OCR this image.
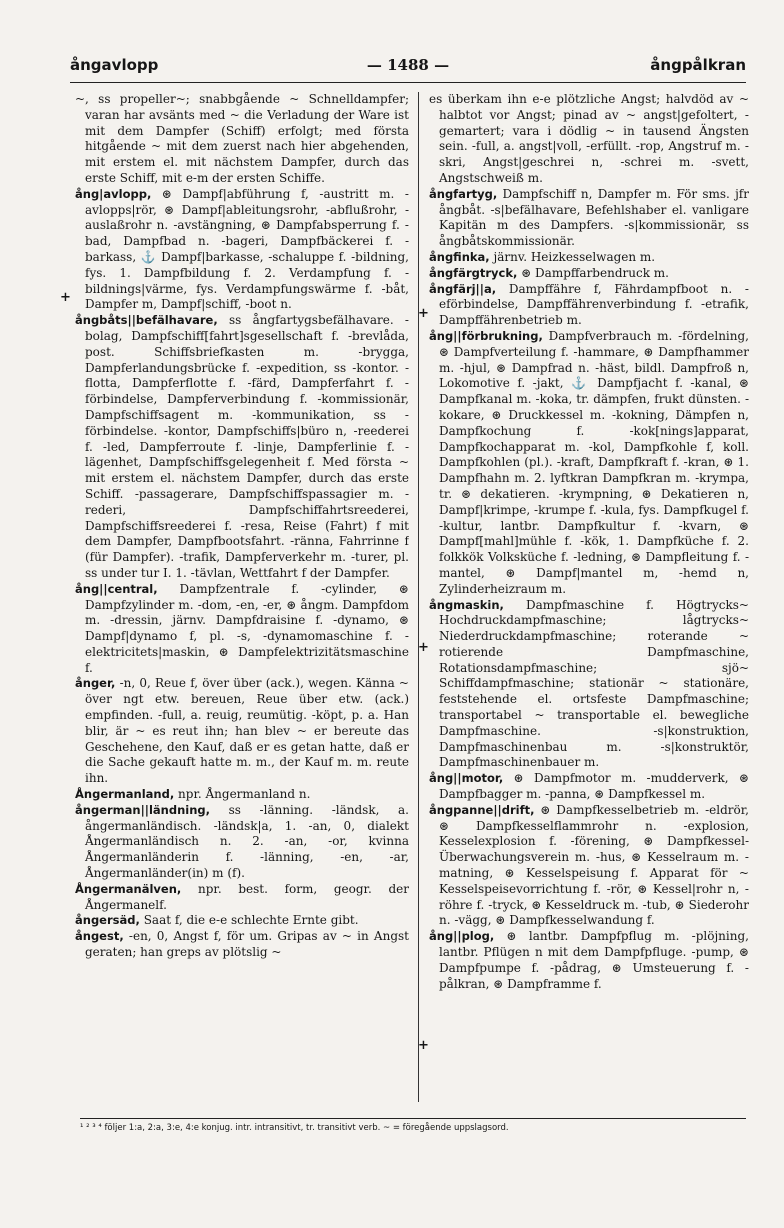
ångavlopp	— 1488 —	ångpålkran
~, ss propeller~; snabbgående ~ Schnelldampfer; varan har avsänts med ~ die Verladung der Ware ist mit dem Dampfer (Schiff) erfolgt; med första hitgående ~ mit dem zuerst nach hier abgehenden, mit erstem el. mit nächstem Dampfer, durch das erste Schiff, mit e-m der ersten Schiffe.
ång|avlopp, ⊛ Dampf|abführung f, -austritt m. -avlopps|rör, ⊛ Dampf|ableitungsrohr, -abflußrohr, -auslaßrohr n. -avstängning, ⊛ Dampfabsperrung f. -bad, Dampfbad n. -bageri, Dampfbäckerei f. -barkass, ⚓ Dampf|barkasse, -schaluppe f. -bildning, fys. 1. Dampfbildung f. 2. Verdampfung f. -bildnings|värme, fys. Verdampfungswärme f. -båt, Dampfer m, Dampf|schiff, -boot n.
ångbåts||befälhavare, ss ångfartygsbefälhavare. -bolag, Dampfschiff[fahrt]sgesellschaft f. -brevlåda, post. Schiffsbriefkasten m. -brygga, Dampferlandungsbrücke f. -expedition, ss -kontor. -flotta, Dampferflotte f. -färd, Dampferfahrt f. -förbindelse, Dampferverbindung f. -kommissionär, Dampfschiffsagent m. -kommunikation, ss -förbindelse. -kontor, Dampfschiffs|büro n, -reederei f. -led, Dampferroute f. -linje, Dampferlinie f. -lägenhet, Dampfschiffsgelegenheit f. Med första ~ mit erstem el. nächstem Dampfer, durch das erste Schiff. -passagerare, Dampfschiffspassagier m. -rederi, Dampfschiffahrtsreederei, Dampfschiffsreederei f. -resa, Reise (Fahrt) f mit dem Dampfer, Dampfbootsfahrt. -ränna, Fahrrinne f (für Dampfer). -trafik, Dampferverkehr m. -turer, pl. ss under tur I. 1. -tävlan, Wettfahrt f der Dampfer.
ång||central, Dampfzentrale f. -cylinder, ⊛ Dampfzylinder m. -dom, -en, -er, ⊛ ångm. Dampfdom m. -dressin, järnv. Dampfdraisine f. -dynamo, ⊛ Dampf|dynamo f, pl. -s, -dynamomaschine f. -elektricitets|maskin, ⊛ Dampfelektrizitätsmaschine f.
ånger, -n, 0, Reue f, över über (ack.), wegen. Känna ~ över ngt etw. bereuen, Reue über etw. (ack.) empfinden. -full, a. reuig, reumütig. -köpt, p. a. Han blir, är ~ es reut ihn; han blev ~ er bereute das Geschehene, den Kauf, daß er es getan hatte, daß er die Sache gekauft hatte m. m., der Kauf m. m. reute ihn.
Ångermanland, npr. Ångermanland n.
ångerman||ländning, ss -länning. -ländsk, a. ångermanländisch. -ländsk|a, 1. -an, 0, dialekt Ångermanländisch n. 2. -an, -or, kvinna Ångermanländerin f. -länning, -en, -ar, Ångermanländer(in) m (f).
Ångermanälven, npr. best. form, geogr. der Ångermanelf.
ångersäd, Saat f, die e-e schlechte Ernte gibt.
ångest, -en, 0, Angst f, för um. Gripas av ~ in Angst geraten; han greps av plötslig ~
es überkam ihn e-e plötzliche Angst; halvdöd av ~ halbtot vor Angst; pinad av ~ angst|gefoltert, -gemartert; vara i dödlig ~ in tausend Ängsten sein. -full, a. angst|voll, -erfüllt. -rop, Angstruf m. -skri, Angst|geschrei n, -schrei m. -svett, Angstschweiß m.
ångfartyg, Dampfschiff n, Dampfer m. För sms. jfr ångbåt. -s|befälhavare, Befehlshaber el. vanligare Kapitän m des Dampfers. -s|kommissionär, ss ångbåtskommissionär.
ångfinka, järnv. Heizkesselwagen m.
ångfärgtryck, ⊛ Dampffarbendruck m.
ångfärj||a, Dampffähre f, Fährdampfboot n. -eförbindelse, Dampffährenverbindung f. -etrafik, Dampffährenbetrieb m.
ång||förbrukning, Dampfverbrauch m. -fördelning, ⊛ Dampfverteilung f. -hammare, ⊛ Dampfhammer m. -hjul, ⊛ Dampfrad n. -häst, bildl. Dampfroß n, Lokomotive f. -jakt, ⚓ Dampfjacht f. -kanal, ⊛ Dampfkanal m. -koka, tr. dämpfen, frukt dünsten. -kokare, ⊛ Druckkessel m. -kokning, Dämpfen n, Dampfkochung f. -kok[nings]apparat, Dampfkochapparat m. -kol, Dampfkohle f, koll. Dampfkohlen (pl.). -kraft, Dampfkraft f. -kran, ⊛ 1. Dampfhahn m. 2. lyftkran Dampfkran m. -krympa, tr. ⊛ dekatieren. -krympning, ⊛ Dekatieren n, Dampf|krimpe, -krumpe f. -kula, fys. Dampfkugel f. -kultur, lantbr. Dampfkultur f. -kvarn, ⊛ Dampf[mahl]mühle f. -kök, 1. Dampfküche f. 2. folkkök Volksküche f. -ledning, ⊛ Dampfleitung f. -mantel, ⊛ Dampf|mantel m, -hemd n, Zylinderheizraum m.
ångmaskin, Dampfmaschine f. Högtrycks~ Hochdruckdampfmaschine; lågtrycks~ Niederdruckdampfmaschine; roterande ~ rotierende Dampfmaschine, Rotationsdampfmaschine; sjö~ Schiffdampfmaschine; stationär ~ stationäre, feststehende el. ortsfeste Dampfmaschine; transportabel ~ transportable el. bewegliche Dampfmaschine. -s|konstruktion, Dampfmaschinenbau m. -s|konstruktör, Dampfmaschinenbauer m.
ång||motor, ⊛ Dampfmotor m. -mudderverk, ⊛ Dampfbagger m. -panna, ⊛ Dampfkessel m.
ångpanne||drift, ⊛ Dampfkesselbetrieb m. -eldrör, ⊛ Dampfkesselflammrohr n. -explosion, Kesselexplosion f. -förening, ⊛ Dampfkessel-Überwachungsverein m. -hus, ⊛ Kesselraum m. -matning, ⊛ Kesselspeisung f. Apparat för ~ Kesselspeisevorrichtung f. -rör, ⊛ Kessel|rohr n, -röhre f. -tryck, ⊛ Kesseldruck m. -tub, ⊛ Siederohr n. -vägg, ⊛ Dampfkesselwandung f.
ång||plog, ⊛ lantbr. Dampfpflug m. -plöjning, lantbr. Pflügen n mit dem Dampfpfluge. -pump, ⊛ Dampfpumpe f. -pådrag, ⊛ Umsteuerung f. -pålkran, ⊛ Dampframme f.
+
+
+
+
¹ ² ³ ⁴ följer 1:a, 2:a, 3:e, 4:e konjug. intr. intransitivt, tr. transitivt verb. ~ = föregående uppslagsord.
